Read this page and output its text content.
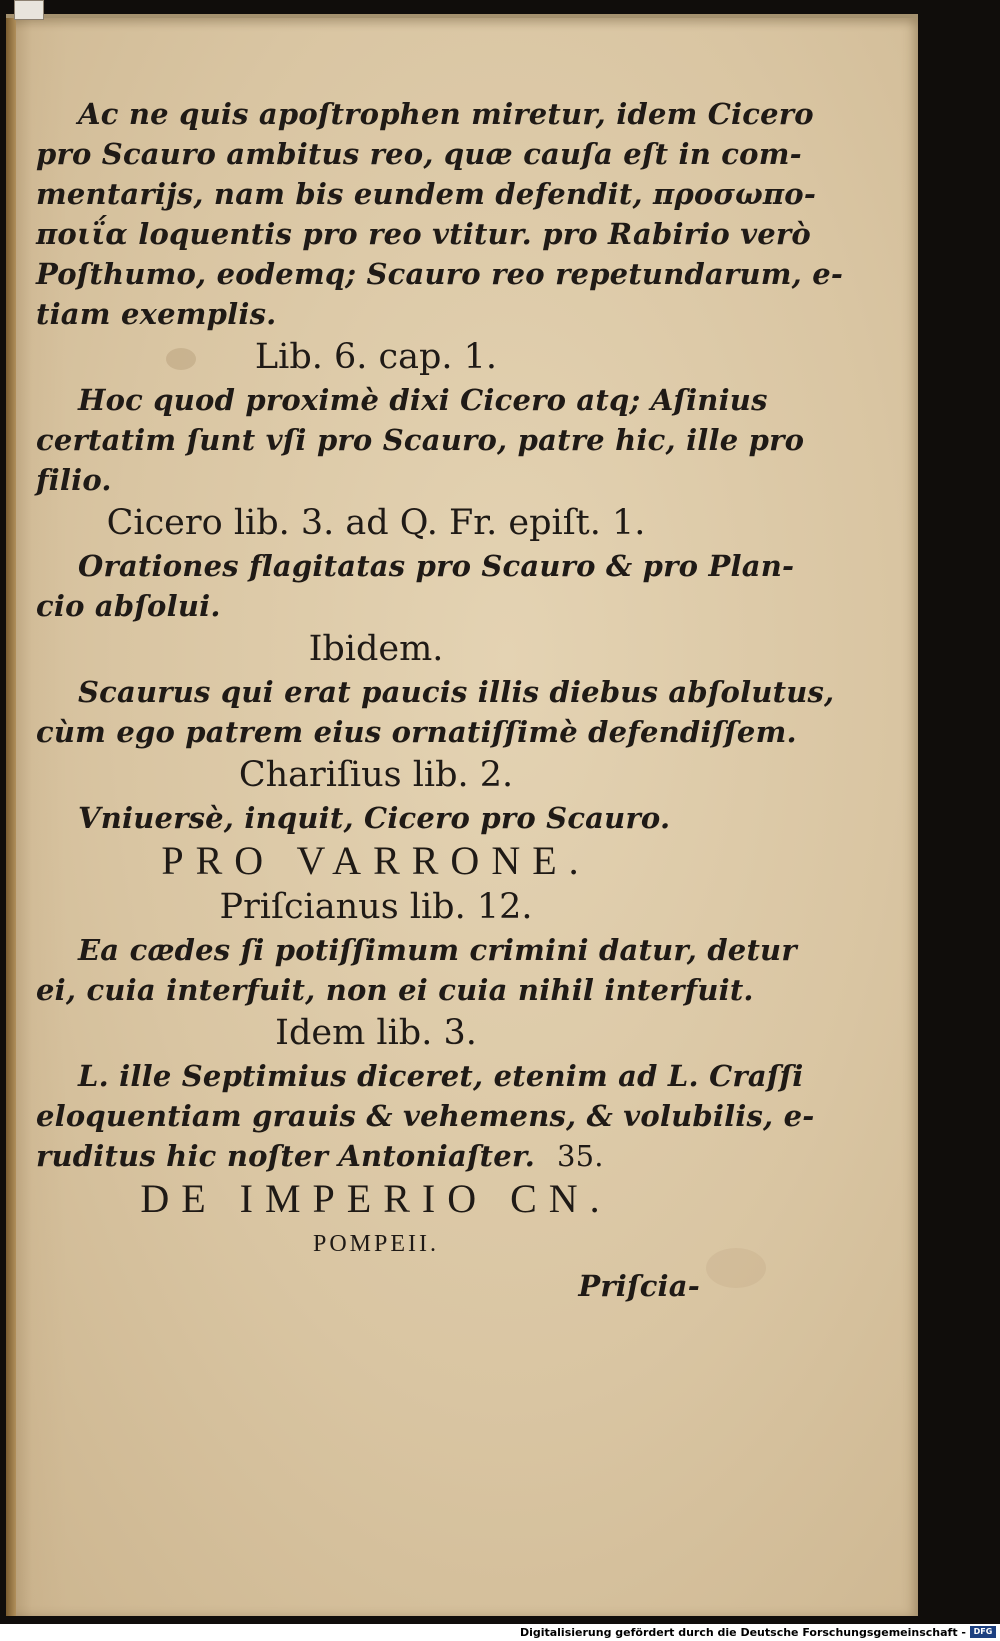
Ac ne quis apoſtrophen miretur, idem Cicero
pro Scauro ambitus reo, quæ cauſa eſt in com-
mentarijs, nam bis eundem defendit, προσωπο-
ποιΐα loquentis pro reo vtitur. pro Rabirio verò
Poſthumo, eodemq; Scauro reo repetundarum, e-
tiam exemplis.
Lib. 6. cap. 1.
Hoc quod proximè dixi Cicero atq; Aſinius
certatim ſunt vſi pro Scauro, patre hic, ille pro
filio.
Cicero lib. 3. ad Q. Fr. epiſt. 1.
Orationes flagitatas pro Scauro & pro Plan-
cio abſolui.
Ibidem.
Scaurus qui erat paucis illis diebus abſolutus,
cùm ego patrem eius ornatiſſimè defendiſſem.
Chariſius lib. 2.
Vniuersè, inquit, Cicero pro Scauro.
PRO VARRONE.
Priſcianus lib. 12.
Ea cædes ſi potiſſimum crimini datur, detur
ei, cuia interfuit, non ei cuia nihil interfuit.
Idem lib. 3.
L. ille Septimius diceret, etenim ad L. Craſſi
eloquentiam grauis & vehemens, & volubilis, e-
ruditus hic noſter Antoniaſter. 35.
DE IMPERIO CN.
POMPEII.
Priſcia-
Digitalisierung gefördert durch die Deutsche Forschungsgemeinschaft - DFG
